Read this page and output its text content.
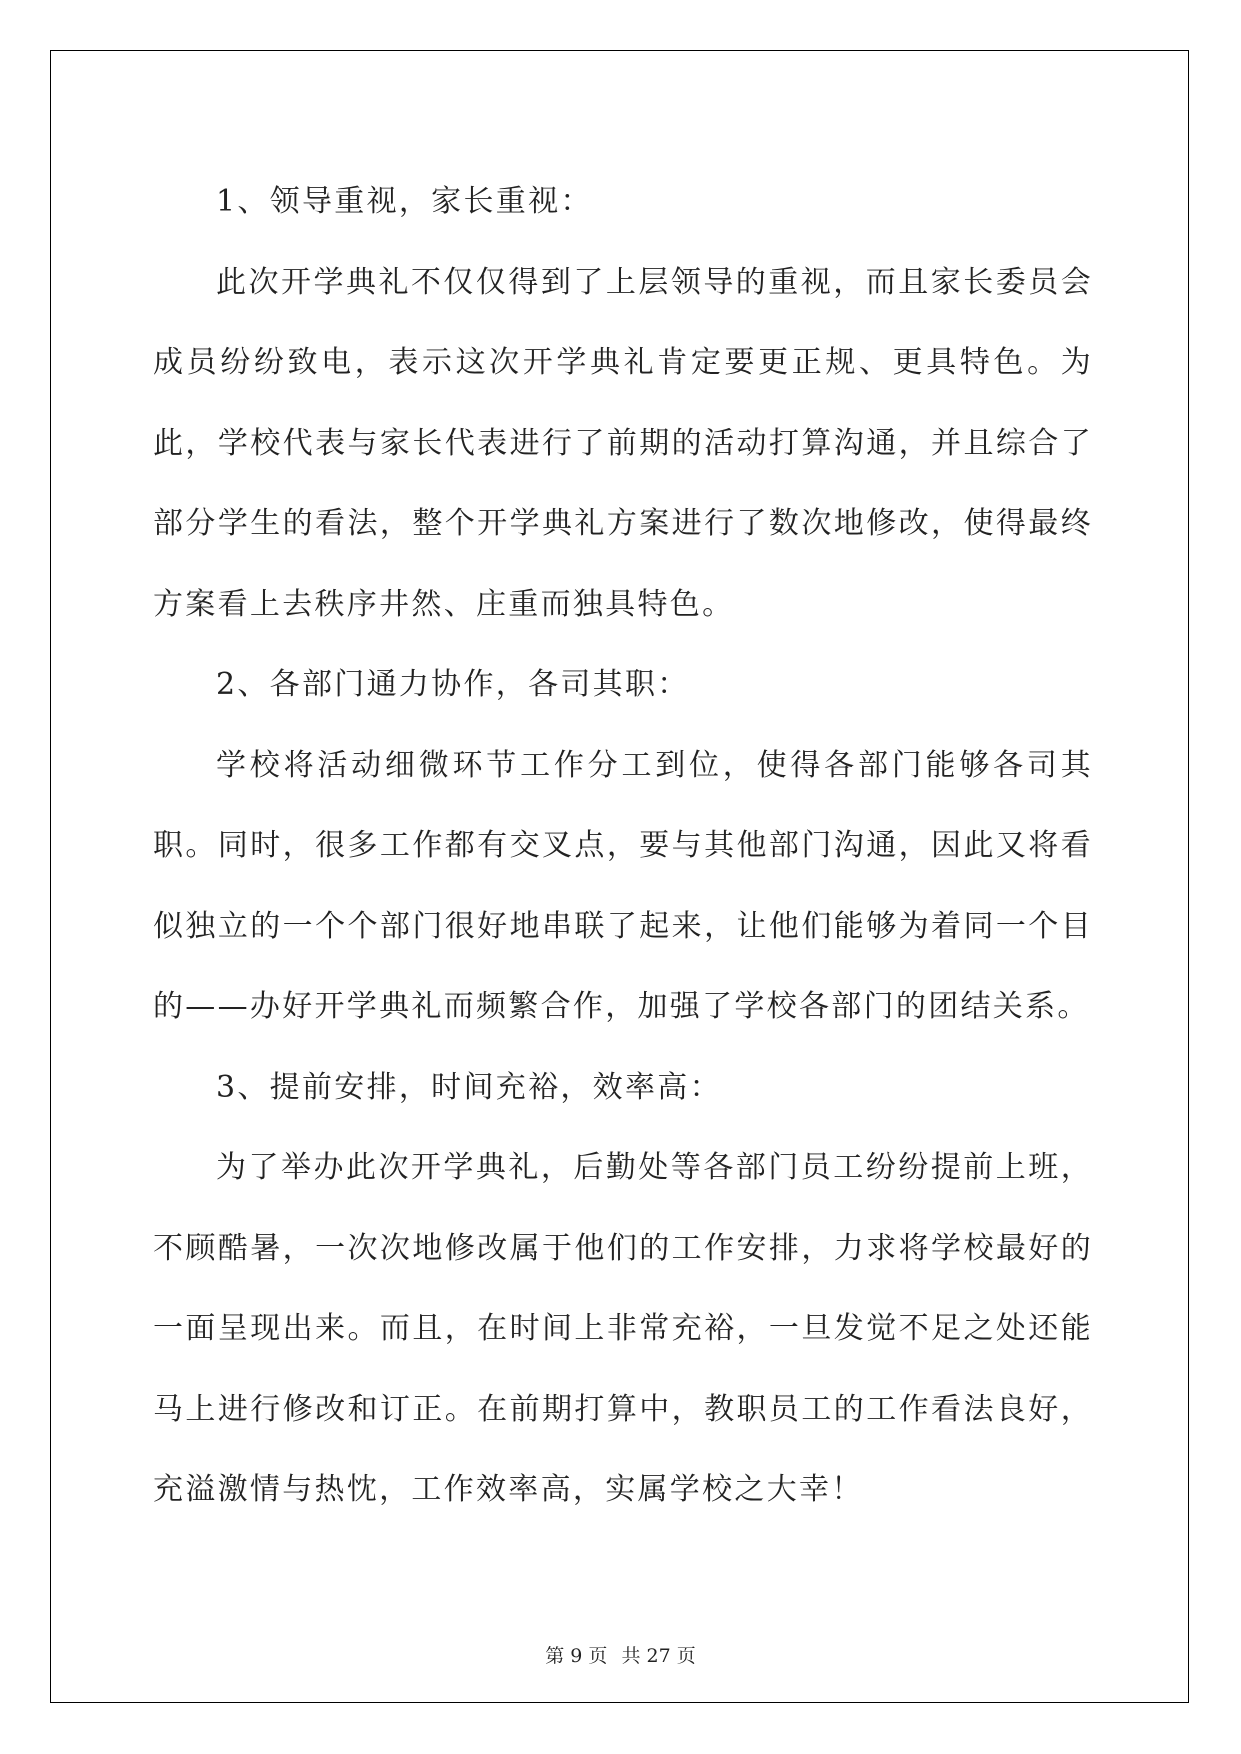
1、领导重视，家长重视：

此次开学典礼不仅仅得到了上层领导的重视，而且家长委员会成员纷纷致电，表示这次开学典礼肯定要更正规、更具特色。为此，学校代表与家长代表进行了前期的活动打算沟通，并且综合了部分学生的看法，整个开学典礼方案进行了数次地修改，使得最终方案看上去秩序井然、庄重而独具特色。

2、各部门通力协作，各司其职：

学校将活动细微环节工作分工到位，使得各部门能够各司其职。同时，很多工作都有交叉点，要与其他部门沟通，因此又将看似独立的一个个部门很好地串联了起来，让他们能够为着同一个目的——办好开学典礼而频繁合作，加强了学校各部门的团结关系。

3、提前安排，时间充裕，效率高：

为了举办此次开学典礼，后勤处等各部门员工纷纷提前上班，不顾酷暑，一次次地修改属于他们的工作安排，力求将学校最好的一面呈现出来。而且，在时间上非常充裕，一旦发觉不足之处还能马上进行修改和订正。在前期打算中，教职员工的工作看法良好，充溢激情与热忱，工作效率高，实属学校之大幸！

第 9 页 共 27 页
